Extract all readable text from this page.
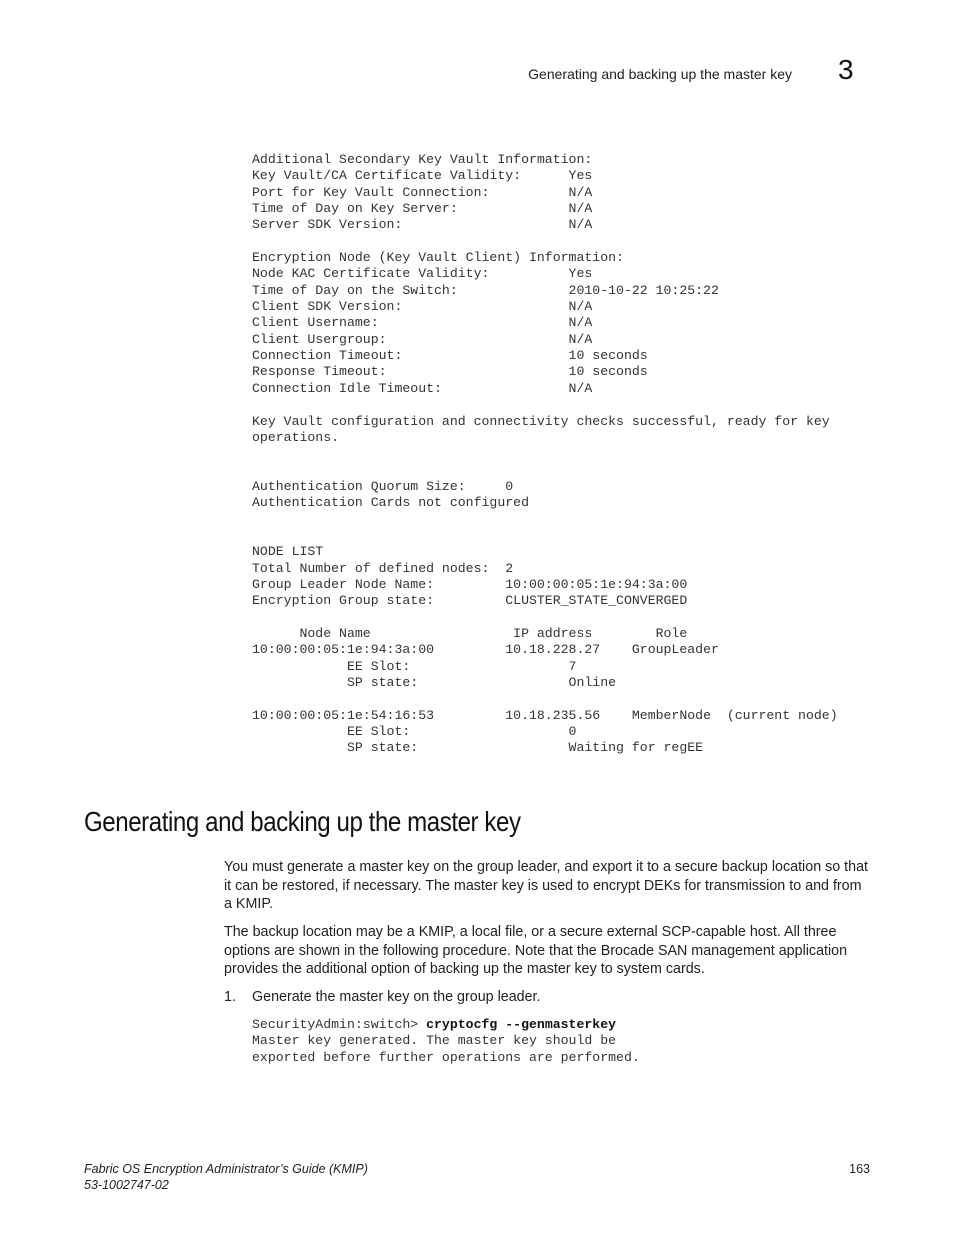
Generating and backing up the master key 3
Additional Secondary Key Vault Information:
Key Vault/CA Certificate Validity:      Yes
Port for Key Vault Connection:          N/A
Time of Day on Key Server:              N/A
Server SDK Version:                     N/A

Encryption Node (Key Vault Client) Information:
Node KAC Certificate Validity:          Yes
Time of Day on the Switch:              2010-10-22 10:25:22
Client SDK Version:                     N/A
Client Username:                        N/A
Client Usergroup:                       N/A
Connection Timeout:                     10 seconds
Response Timeout:                       10 seconds
Connection Idle Timeout:                N/A

Key Vault configuration and connectivity checks successful, ready for key
operations.

Authentication Quorum Size:     0
Authentication Cards not configured

NODE LIST
Total Number of defined nodes:  2
Group Leader Node Name:         10:00:00:05:1e:94:3a:00
Encryption Group state:         CLUSTER_STATE_CONVERGED

Node Name                  IP address        Role
10:00:00:05:1e:94:3a:00         10.18.228.27    GroupLeader
EE Slot:                    7
SP state:                   Online

10:00:00:05:1e:54:16:53         10.18.235.56    MemberNode  (current node)
EE Slot:                    0
SP state:                   Waiting for regEE
Generating and backing up the master key

You must generate a master key on the group leader, and export it to a secure backup location so that it can be restored, if necessary. The master key is used to encrypt DEKs for transmission to and from a KMIP.

The backup location may be a KMIP, a local file, or a secure external SCP-capable host. All three options are shown in the following procedure. Note that the Brocade SAN management application provides the additional option of backing up the master key to system cards.

1. Generate the master key on the group leader.
SecurityAdmin:switch> cryptocfg --genmasterkey
Master key generated. The master key should be
exported before further operations are performed.
Fabric OS Encryption Administrator’s Guide (KMIP)
53-1002747-02
163
